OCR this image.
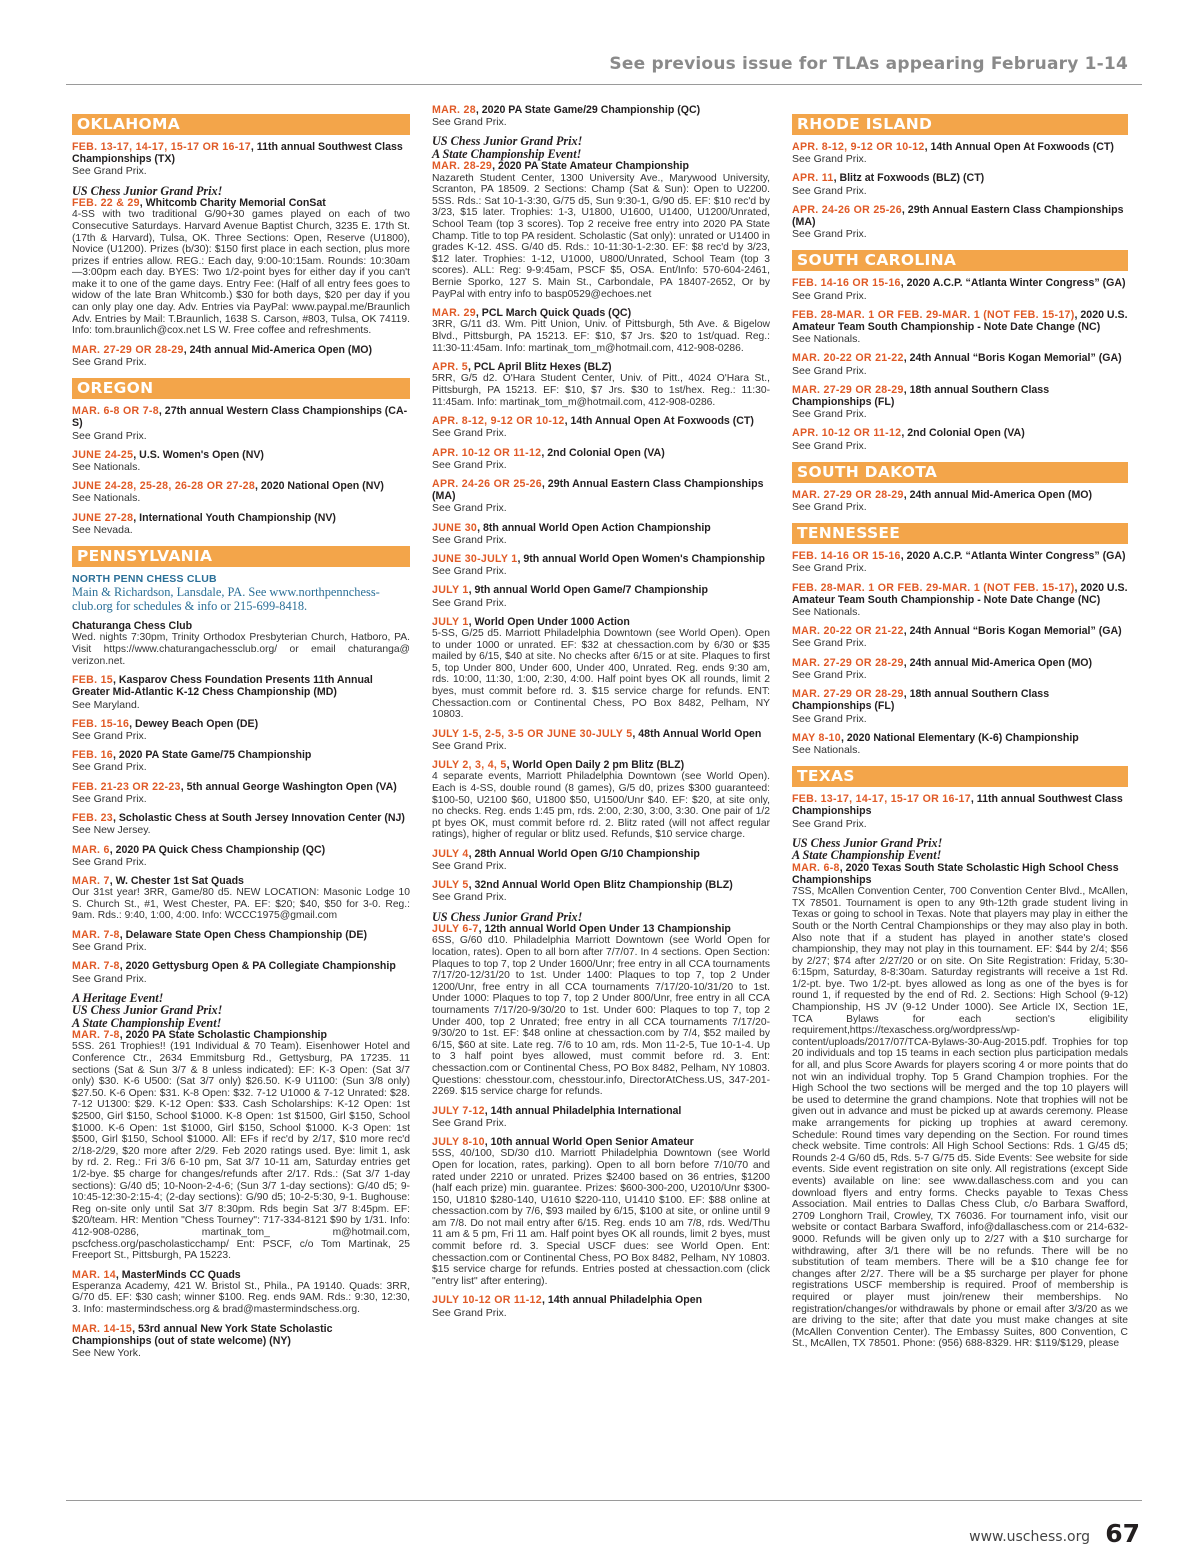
See previous issue for TLAs appearing February 1-14
OKLAHOMA
FEB. 13-17, 14-17, 15-17 OR 16-17, 11th annual Southwest Class Championships (TX)
See Grand Prix.
US Chess Junior Grand Prix!
FEB. 22 & 29, Whitcomb Charity Memorial ConSat
4-SS with two traditional G/90+30 games played on each of two Consecutive Saturdays. Harvard Avenue Baptist Church, 3235 E. 17th St. (17th & Harvard), Tulsa, OK. Three Sections: Open, Reserve (U1800), Novice (U1200). Prizes (b/30): $150 first place in each section, plus more prizes if entries allow. REG.: Each day, 9:00-10:15am. Rounds: 10:30am—3:00pm each day. BYES: Two 1/2-point byes for either day if you can't make it to one of the game days. Entry Fee: (Half of all entry fees goes to widow of the late Bran Whitcomb.) $30 for both days, $20 per day if you can only play one day. Adv. Entries via PayPal: www.paypal.me/Braunlich Adv. Entries by Mail: T.Braunlich, 1638 S. Carson, #803, Tulsa, OK 74119. Info: tom.braunlich@cox.net LS W. Free coffee and refreshments.
MAR. 27-29 OR 28-29, 24th annual Mid-America Open (MO)
See Grand Prix.
OREGON
MAR. 6-8 OR 7-8, 27th annual Western Class Championships (CA-S)
See Grand Prix.
JUNE 24-25, U.S. Women's Open (NV)
See Nationals.
JUNE 24-28, 25-28, 26-28 OR 27-28, 2020 National Open (NV)
See Nationals.
JUNE 27-28, International Youth Championship (NV)
See Nevada.
PENNSYLVANIA
NORTH PENN CHESS CLUB
Main & Richardson, Lansdale, PA. See www.northpennchess-club.org for schedules & info or 215-699-8418.
Chaturanga Chess Club
Wed. nights 7:30pm, Trinity Orthodox Presbyterian Church, Hatboro, PA. Visit https://www.chaturangachessclub.org/ or email chaturanga@ verizon.net.
FEB. 15, Kasparov Chess Foundation Presents 11th Annual Greater Mid-Atlantic K-12 Chess Championship (MD)
See Maryland.
FEB. 15-16, Dewey Beach Open (DE)
See Grand Prix.
FEB. 16, 2020 PA State Game/75 Championship
See Grand Prix.
FEB. 21-23 OR 22-23, 5th annual George Washington Open (VA)
See Grand Prix.
FEB. 23, Scholastic Chess at South Jersey Innovation Center (NJ)
See New Jersey.
MAR. 6, 2020 PA Quick Chess Championship (QC)
See Grand Prix.
MAR. 7, W. Chester 1st Sat Quads
Our 31st year! 3RR, Game/80 d5. NEW LOCATION: Masonic Lodge 10 S. Church St., #1, West Chester, PA. EF: $20; $40, $50 for 3-0. Reg.: 9am. Rds.: 9:40, 1:00, 4:00. Info: WCCC1975@gmail.com
MAR. 7-8, Delaware State Open Chess Championship (DE)
See Grand Prix.
MAR. 7-8, 2020 Gettysburg Open & PA Collegiate Championship
See Grand Prix.
A Heritage Event!
US Chess Junior Grand Prix!
A State Championship Event!
MAR. 7-8, 2020 PA State Scholastic Championship
5SS. 261 Trophies!! (191 Individual & 70 Team). Eisenhower Hotel and Conference Ctr., 2634 Emmitsburg Rd., Gettysburg, PA 17235. 11 sections (Sat & Sun 3/7 & 8 unless indicated): EF: K-3 Open: (Sat 3/7 only) $30. K-6 U500: (Sat 3/7 only) $26.50. K-9 U1100: (Sun 3/8 only) $27.50. K-6 Open: $31. K-8 Open: $32. 7-12 U1000 & 7-12 Unrated: $28. 7-12 U1300: $29. K-12 Open: $33. Cash Scholarships: K-12 Open: 1st $2500, Girl $150, School $1000. K-8 Open: 1st $1500, Girl $150, School $1000. K-6 Open: 1st $1000, Girl $150, School $1000. K-3 Open: 1st $500, Girl $150, School $1000. All: EFs if rec'd by 2/17, $10 more rec'd 2/18-2/29, $20 more after 2/29. Feb 2020 ratings used. Bye: limit 1, ask by rd. 2. Reg.: Fri 3/6 6-10 pm, Sat 3/7 10-11 am, Saturday entries get 1/2-bye. $5 charge for changes/refunds after 2/17. Rds.: (Sat 3/7 1-day sections): G/40 d5; 10-Noon-2-4-6; (Sun 3/7 1-day sections): G/40 d5; 9-10:45-12:30-2:15-4; (2-day sections): G/90 d5; 10-2-5:30, 9-1. Bughouse: Reg on-site only until Sat 3/7 8:30pm. Rds begin Sat 3/7 8:45pm. EF: $20/team. HR: Mention "Chess Tourney": 717-334-8121 $90 by 1/31. Info: 412-908-0286, martinak_tom_ m@hotmail.com, pscfchess.org/pascholasticchamp/ Ent: PSCF, c/o Tom Martinak, 25 Freeport St., Pittsburgh, PA 15223.
MAR. 14, MasterMinds CC Quads
Esperanza Academy, 421 W. Bristol St., Phila., PA 19140. Quads: 3RR, G/70 d5. EF: $30 cash; winner $100. Reg. ends 9AM. Rds.: 9:30, 12:30, 3. Info: mastermindschess.org & brad@mastermindschess.org.
MAR. 14-15, 53rd annual New York State Scholastic Championships (out of state welcome) (NY)
See New York.
MAR. 28, 2020 PA State Game/29 Championship (QC)
See Grand Prix.
US Chess Junior Grand Prix!
A State Championship Event!
MAR. 28-29, 2020 PA State Amateur Championship
Nazareth Student Center, 1300 University Ave., Marywood University, Scranton, PA 18509. 2 Sections: Champ (Sat & Sun): Open to U2200. 5SS. Rds.: Sat 10-1-3:30, G/75 d5, Sun 9:30-1, G/90 d5. EF: $10 rec'd by 3/23, $15 later. Trophies: 1-3, U1800, U1600, U1400, U1200/Unrated, School Team (top 3 scores). Top 2 receive free entry into 2020 PA State Champ. Title to top PA resident. Scholastic (Sat only): unrated or U1400 in grades K-12. 4SS. G/40 d5. Rds.: 10-11:30-1-2:30. EF: $8 rec'd by 3/23, $12 later. Trophies: 1-12, U1000, U800/Unrated, School Team (top 3 scores). ALL: Reg: 9-9:45am, PSCF $5, OSA. Ent/Info: 570-604-2461, Bernie Sporko, 127 S. Main St., Carbondale, PA 18407-2652, Or by PayPal with entry info to basp0529@echoes.net
MAR. 29, PCL March Quick Quads (QC)
3RR, G/11 d3. Wm. Pitt Union, Univ. of Pittsburgh, 5th Ave. & Bigelow Blvd., Pittsburgh, PA 15213. EF: $10, $7 Jrs. $20 to 1st/quad. Reg.: 11:30-11:45am. Info: martinak_tom_m@hotmail.com, 412-908-0286.
APR. 5, PCL April Blitz Hexes (BLZ)
5RR, G/5 d2. O'Hara Student Center, Univ. of Pitt., 4024 O'Hara St., Pittsburgh, PA 15213. EF: $10, $7 Jrs. $30 to 1st/hex. Reg.: 11:30-11:45am. Info: martinak_tom_m@hotmail.com, 412-908-0286.
APR. 8-12, 9-12 OR 10-12, 14th Annual Open At Foxwoods (CT)
See Grand Prix.
APR. 10-12 OR 11-12, 2nd Colonial Open (VA)
See Grand Prix.
APR. 24-26 OR 25-26, 29th Annual Eastern Class Championships (MA)
See Grand Prix.
JUNE 30, 8th annual World Open Action Championship
See Grand Prix.
JUNE 30-JULY 1, 9th annual World Open Women's Championship
See Grand Prix.
JULY 1, 9th annual World Open Game/7 Championship
See Grand Prix.
JULY 1, World Open Under 1000 Action
5-SS, G/25 d5. Marriott Philadelphia Downtown (see World Open). Open to under 1000 or unrated. EF: $32 at chessaction.com by 6/30 or $35 mailed by 6/15, $40 at site. No checks after 6/15 or at site. Plaques to first 5, top Under 800, Under 600, Under 400, Unrated. Reg. ends 9:30 am, rds. 10:00, 11:30, 1:00, 2:30, 4:00. Half point byes OK all rounds, limit 2 byes, must commit before rd. 3. $15 service charge for refunds. ENT: Chessaction.com or Continental Chess, PO Box 8482, Pelham, NY 10803.
JULY 1-5, 2-5, 3-5 OR JUNE 30-JULY 5, 48th Annual World Open
See Grand Prix.
JULY 2, 3, 4, 5, World Open Daily 2 pm Blitz (BLZ)
4 separate events, Marriott Philadelphia Downtown (see World Open). Each is 4-SS, double round (8 games), G/5 d0, prizes $300 guaranteed: $100-50, U2100 $60, U1800 $50, U1500/Unr $40. EF: $20, at site only, no checks. Reg. ends 1:45 pm, rds. 2:00, 2:30, 3:00, 3:30. One pair of 1/2 pt byes OK, must commit before rd. 2. Blitz rated (will not affect regular ratings), higher of regular or blitz used. Refunds, $10 service charge.
JULY 4, 28th Annual World Open G/10 Championship
See Grand Prix.
JULY 5, 32nd Annual World Open Blitz Championship (BLZ)
See Grand Prix.
US Chess Junior Grand Prix!
JULY 6-7, 12th annual World Open Under 13 Championship
6SS, G/60 d10. Philadelphia Marriott Downtown (see World Open for location, rates). Open to all born after 7/7/07. In 4 sections. Open Section: Plaques to top 7, top 2 Under 1600/Unr; free entry in all CCA tournaments 7/17/20-12/31/20 to 1st. Under 1400: Plaques to top 7, top 2 Under 1200/Unr, free entry in all CCA tournaments 7/17/20-10/31/20 to 1st. Under 1000: Plaques to top 7, top 2 Under 800/Unr, free entry in all CCA tournaments 7/17/20-9/30/20 to 1st. Under 600: Plaques to top 7, top 2 Under 400, top 2 Unrated; free entry in all CCA tournaments 7/17/20-9/30/20 to 1st. EF: $48 online at chessaction.com by 7/4, $52 mailed by 6/15, $60 at site. Late reg. 7/6 to 10 am, rds. Mon 11-2-5, Tue 10-1-4. Up to 3 half point byes allowed, must commit before rd. 3. Ent: chessaction.com or Continental Chess, PO Box 8482, Pelham, NY 10803. Questions: chesstour.com, chesstour.info, DirectorAtChess.US, 347-201-2269. $15 service charge for refunds.
JULY 7-12, 14th annual Philadelphia International
See Grand Prix.
JULY 8-10, 10th annual World Open Senior Amateur
5SS, 40/100, SD/30 d10. Marriott Philadelphia Downtown (see World Open for location, rates, parking). Open to all born before 7/10/70 and rated under 2210 or unrated. Prizes $2400 based on 36 entries, $1200 (half each prize) min. guarantee. Prizes: $600-300-200, U2010/Unr $300-150, U1810 $280-140, U1610 $220-110, U1410 $100. EF: $88 online at chessaction.com by 7/6, $93 mailed by 6/15, $100 at site, or online until 9 am 7/8. Do not mail entry after 6/15. Reg. ends 10 am 7/8, rds. Wed/Thu 11 am & 5 pm, Fri 11 am. Half point byes OK all rounds, limit 2 byes, must commit before rd. 3. Special USCF dues: see World Open. Ent: chessaction.com or Continental Chess, PO Box 8482, Pelham, NY 10803. $15 service charge for refunds. Entries posted at chessaction.com (click "entry list" after entering).
JULY 10-12 OR 11-12, 14th annual Philadelphia Open
See Grand Prix.
RHODE ISLAND
APR. 8-12, 9-12 OR 10-12, 14th Annual Open At Foxwoods (CT)
See Grand Prix.
APR. 11, Blitz at Foxwoods (BLZ) (CT)
See Grand Prix.
APR. 24-26 OR 25-26, 29th Annual Eastern Class Championships (MA)
See Grand Prix.
SOUTH CAROLINA
FEB. 14-16 OR 15-16, 2020 A.C.P. “Atlanta Winter Congress” (GA)
See Grand Prix.
FEB. 28-MAR. 1 OR FEB. 29-MAR. 1 (NOT FEB. 15-17), 2020 U.S. Amateur Team South Championship - Note Date Change (NC)
See Nationals.
MAR. 20-22 OR 21-22, 24th Annual “Boris Kogan Memorial” (GA)
See Grand Prix.
MAR. 27-29 OR 28-29, 18th annual Southern Class Championships (FL)
See Grand Prix.
APR. 10-12 OR 11-12, 2nd Colonial Open (VA)
See Grand Prix.
SOUTH DAKOTA
MAR. 27-29 OR 28-29, 24th annual Mid-America Open (MO)
See Grand Prix.
TENNESSEE
FEB. 14-16 OR 15-16, 2020 A.C.P. “Atlanta Winter Congress” (GA)
See Grand Prix.
FEB. 28-MAR. 1 OR FEB. 29-MAR. 1 (NOT FEB. 15-17), 2020 U.S. Amateur Team South Championship - Note Date Change (NC)
See Nationals.
MAR. 20-22 OR 21-22, 24th Annual “Boris Kogan Memorial” (GA)
See Grand Prix.
MAR. 27-29 OR 28-29, 24th annual Mid-America Open (MO)
See Grand Prix.
MAR. 27-29 OR 28-29, 18th annual Southern Class Championships (FL)
See Grand Prix.
MAY 8-10, 2020 National Elementary (K-6) Championship
See Nationals.
TEXAS
FEB. 13-17, 14-17, 15-17 OR 16-17, 11th annual Southwest Class Championships
See Grand Prix.
US Chess Junior Grand Prix!
A State Championship Event!
MAR. 6-8, 2020 Texas South State Scholastic High School Chess Championships
7SS, McAllen Convention Center, 700 Convention Center Blvd., McAllen, TX 78501. Tournament is open to any 9th-12th grade student living in Texas or going to school in Texas. Note that players may play in either the South or the North Central Championships or they may also play in both. Also note that if a student has played in another state's closed championship, they may not play in this tournament. EF: $44 by 2/4; $56 by 2/27; $74 after 2/27/20 or on site. On Site Registration: Friday, 5:30-6:15pm, Saturday, 8-8:30am. Saturday registrants will receive a 1st Rd. 1/2-pt. bye. Two 1/2-pt. byes allowed as long as one of the byes is for round 1, if requested by the end of Rd. 2. Sections: High School (9-12) Championship, HS JV (9-12 Under 1000). See Article IX, Section 1E, TCA Bylaws for each section's eligibility requirement,https://texaschess.org/wordpress/wp-content/uploads/2017/07/TCA-Bylaws-30-Aug-2015.pdf. Trophies for top 20 individuals and top 15 teams in each section plus participation medals for all, and plus Score Awards for players scoring 4 or more points that do not win an individual trophy. Top 5 Grand Champion trophies. For the High School the two sections will be merged and the top 10 players will be used to determine the grand champions. Note that trophies will not be given out in advance and must be picked up at awards ceremony. Please make arrangements for picking up trophies at award ceremony. Schedule: Round times vary depending on the Section. For round times check website. Time controls: All High School Sections: Rds. 1 G/45 d5; Rounds 2-4 G/60 d5, Rds. 5-7 G/75 d5. Side Events: See website for side events. Side event registration on site only. All registrations (except Side events) available on line: see www.dallaschess.com and you can download flyers and entry forms. Checks payable to Texas Chess Association. Mail entries to Dallas Chess Club, c/o Barbara Swafford, 2709 Longhorn Trail, Crowley, TX 76036. For tournament info, visit our website or contact Barbara Swafford, info@dallaschess.com or 214-632-9000. Refunds will be given only up to 2/27 with a $10 surcharge for withdrawing, after 3/1 there will be no refunds. There will be no substitution of team members. There will be a $10 change fee for changes after 2/27. There will be a $5 surcharge per player for phone registrations USCF membership is required. Proof of membership is required or player must join/renew their memberships. No registration/changes/or withdrawals by phone or email after 3/3/20 as we are driving to the site; after that date you must make changes at site (McAllen Convention Center). The Embassy Suites, 800 Convention, C St., McAllen, TX 78501. Phone: (956) 688-8329. HR: $119/$129, please
www.uschess.org 67
